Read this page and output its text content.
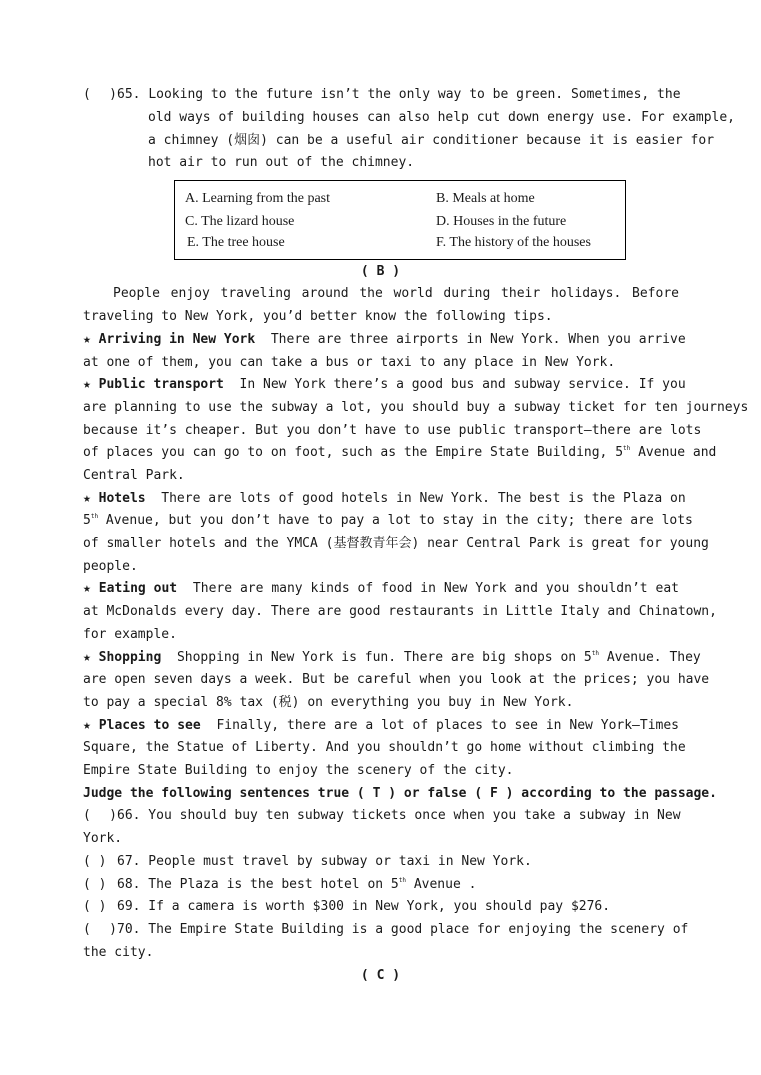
( )65. Looking to the future isn’t the only way to be green. Sometimes, the
old ways of building houses can also help cut down energy use. For example,
a chimney (烟囱) can be a useful air conditioner because it is easier for
hot air to run out of the chimney.
A. Learning from the past	B. Meals at home
C. The lizard house	D. Houses in the future
E. The tree house	F. The history of the houses
( B )
People enjoy traveling around the world during their holidays. Before
traveling to New York, you’d better know the following tips.
★ Arriving in New York There are three airports in New York. When you arrive
at one of them, you can take a bus or taxi to any place in New York.
★ Public transport In New York there’s a good bus and subway service. If you
are planning to use the subway a lot, you should buy a subway ticket for ten journeys
because it’s cheaper. But you don’t have to use public transport—there are lots
of places you can go to on foot, such as the Empire State Building, 5th Avenue and
Central Park.
★ Hotels There are lots of good hotels in New York. The best is the Plaza on
5th Avenue, but you don’t have to pay a lot to stay in the city; there are lots
of smaller hotels and the YMCA (基督教青年会) near Central Park is great for young
people.
★ Eating out There are many kinds of food in New York and you shouldn’t eat
at McDonalds every day. There are good restaurants in Little Italy and Chinatown,
for example.
★ Shopping Shopping in New York is fun. There are big shops on 5th Avenue. They
are open seven days a week. But be careful when you look at the prices; you have
to pay a special 8% tax (税) on everything you buy in New York.
★ Places to see Finally, there are a lot of places to see in New York—Times
Square, the Statue of Liberty. And you shouldn’t go home without climbing the
Empire State Building to enjoy the scenery of the city.
Judge the following sentences true ( T ) or false ( F ) according to the passage.
( )66. You should buy ten subway tickets once when you take a subway in New
York.
( ) 67. People must travel by subway or taxi in New York.
( ) 68. The Plaza is the best hotel on 5th Avenue .
( ) 69. If a camera is worth $300 in New York, you should pay $276.
( )70. The Empire State Building is a good place for enjoying the scenery of
the city.
( C )
